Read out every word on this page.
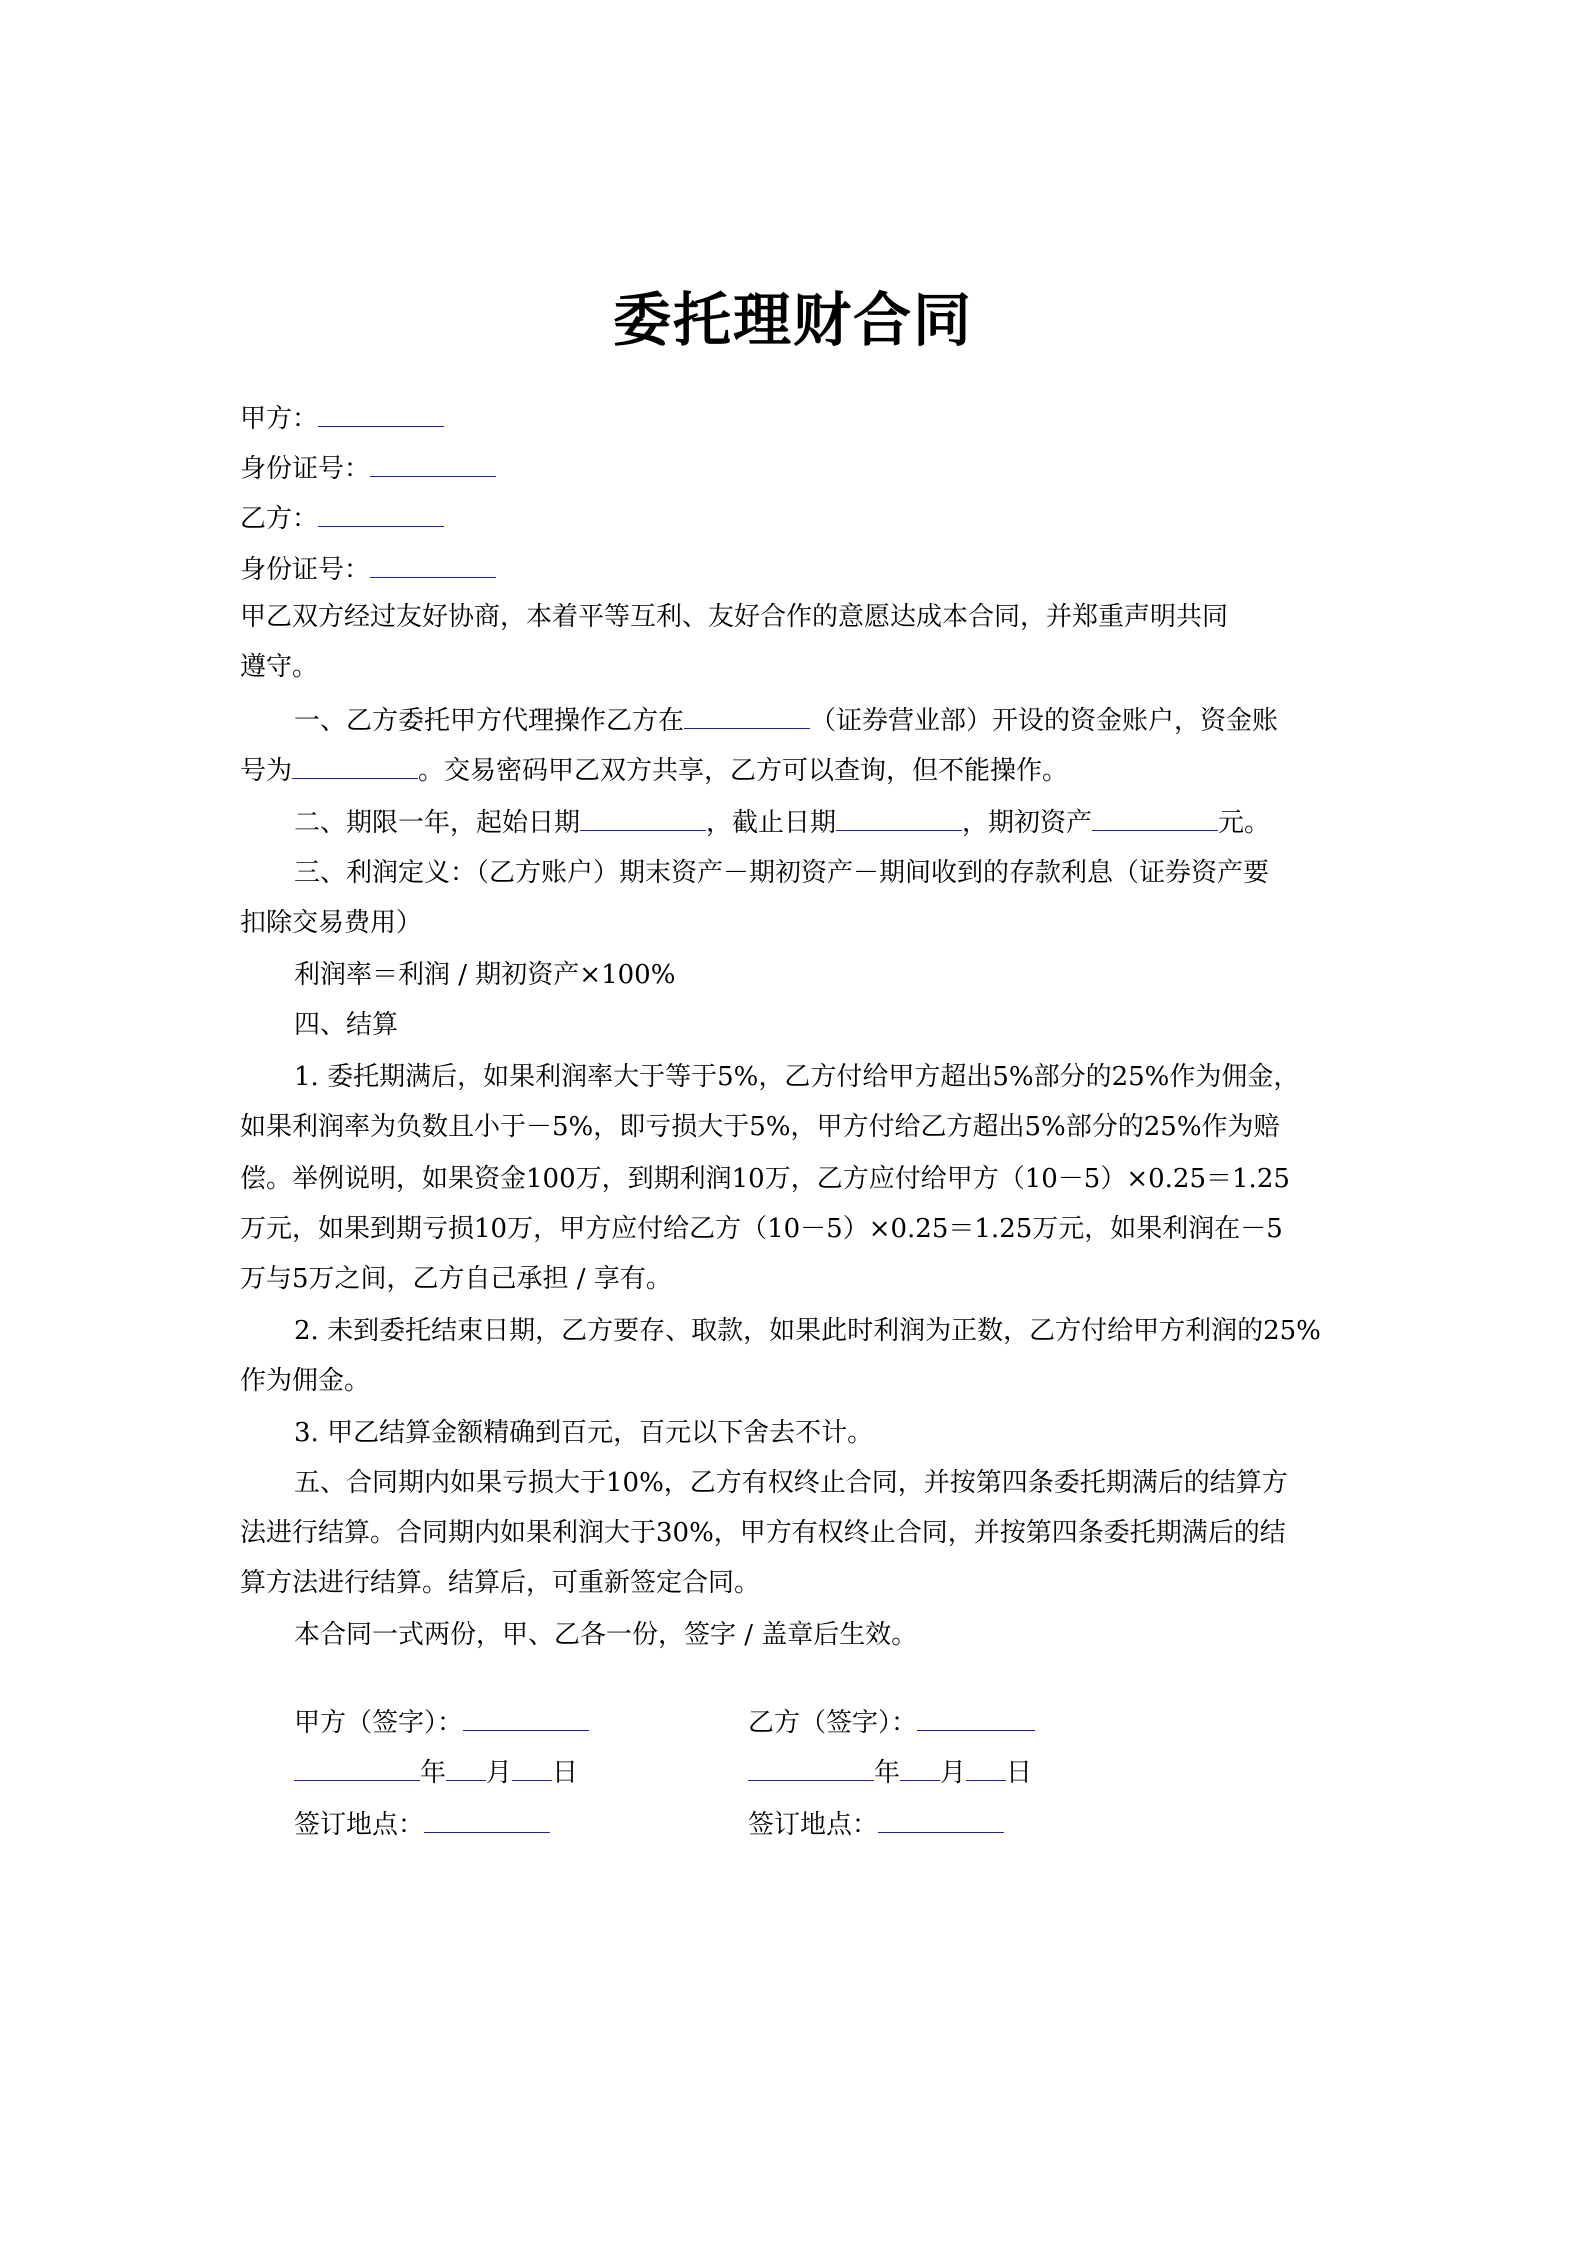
委托理财合同

甲方：

身份证号：

乙方：

身份证号：

甲乙双方经过友好协商，本着平等互利、友好合作的意愿达成本合同，并郑重声明共同

遵守。

一、乙方委托甲方代理操作乙方在	（证券营业部）开设的资金账户，资金账

号为	。交易密码甲乙双方共享，乙方可以查询，但不能操作。

二、期限一年，起始日期	，截止日期	，期初资产	元。

三、利润定义：（乙方账户）期末资产－期初资产－期间收到的存款利息（证券资产要

扣除交易费用）

利润率＝利润 / 期初资产×100%

四、结算

1. 委托期满后，如果利润率大于等于5%，乙方付给甲方超出5%部分的25%作为佣金，

如果利润率为负数且小于－5%，即亏损大于5%，甲方付给乙方超出5%部分的25%作为赔

偿。举例说明，如果资金100万，到期利润10万，乙方应付给甲方（10－5）×0.25＝1.25

万元，如果到期亏损10万，甲方应付给乙方（10－5）×0.25＝1.25万元，如果利润在－5

万与5万之间，乙方自己承担 / 享有。

2. 未到委托结束日期，乙方要存、取款，如果此时利润为正数，乙方付给甲方利润的25%

作为佣金。

3. 甲乙结算金额精确到百元，百元以下舍去不计。

五、合同期内如果亏损大于10%，乙方有权终止合同，并按第四条委托期满后的结算方

法进行结算。合同期内如果利润大于30%，甲方有权终止合同，并按第四条委托期满后的结

算方法进行结算。结算后，可重新签定合同。

本合同一式两份，甲、乙各一份，签字 / 盖章后生效。

甲方（签字）：	乙方（签字）：
年 月 日	年 月 日
签订地点：	签订地点：
